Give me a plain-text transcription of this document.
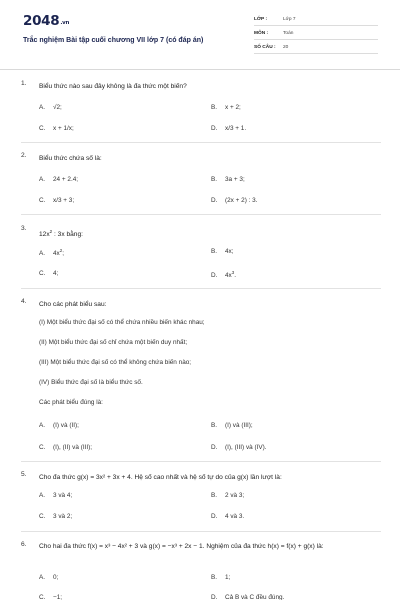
2048.vn
Trắc nghiệm Bài tập cuối chương VII lớp 7 (có đáp án)
LỚP :	Lớp 7
MÔN :	Toán
SỐ CÂU : 20
1. Biểu thức nào sau đây không là đa thức một biến?
A. √2;	B. x + 2;
C. x + 1/x;	D. x/3 + 1.
2. Biểu thức chứa số là:
A. 24 + 2.4;	B. 3a + 3;
C. x/3 + 3;	D. (2x + 2) : 3.
3.
$12x^2$ : 3x bằng:
A. $4x^2$;	B. 4x;
C. 4;	D. $4x^3$.
4. Cho các phát biểu sau:
(I) Một biểu thức đại số có thể chứa nhiều biến khác nhau;
(II) Một biểu thức đại số chỉ chứa một biến duy nhất;
(III) Một biểu thức đại số có thể không chứa biến nào;
(IV) Biểu thức đại số là biểu thức số.
Các phát biểu đúng là:
A. (I) và (II);	B. (I) và (III);
C. (I), (II) và (III);	D. (I), (III) và (IV).
5. Cho đa thức g(x) = 3x² + 3x + 4. Hệ số cao nhất và hệ số tự do của g(x) lần lượt là:
A. 3 và 4;	B. 2 và 3;
C. 3 và 2;	D. 4 và 3.
6. Cho hai đa thức f(x) = x³ − 4x² + 3 và g(x) = −x³ + 2x − 1. Nghiệm của đa thức h(x) = f(x) + g(x) là:
A. 0;	B. 1;
C. −1;	D. Cả B và C đều đúng.
